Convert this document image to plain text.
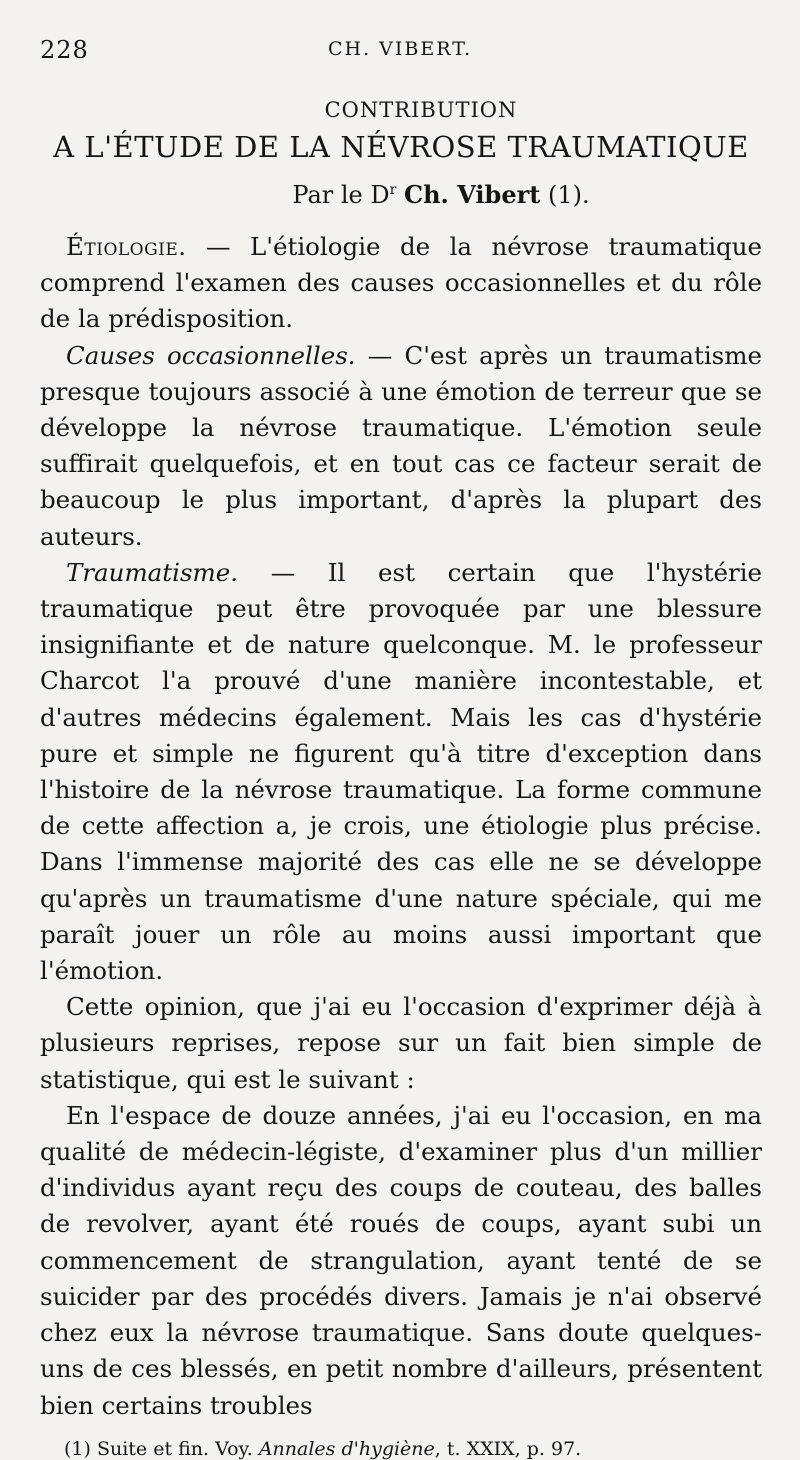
228	CH. VIBERT.
CONTRIBUTION
A L'ÉTUDE DE LA NÉVROSE TRAUMATIQUE
Par le $D^r$ Ch. Vibert (1).

Étiologie. — L'étiologie de la névrose traumatique comprend l'examen des causes occasionnelles et du rôle de la prédisposition.

Causes occasionnelles. — C'est après un traumatisme presque toujours associé à une émotion de terreur que se développe la névrose traumatique. L'émotion seule suffirait quelquefois, et en tout cas ce facteur serait de beaucoup le plus important, d'après la plupart des auteurs.

Traumatisme. — Il est certain que l'hystérie traumatique peut être provoquée par une blessure insignifiante et de nature quelconque. M. le professeur Charcot l'a prouvé d'une manière incontestable, et d'autres médecins également. Mais les cas d'hystérie pure et simple ne figurent qu'à titre d'exception dans l'histoire de la névrose traumatique. La forme commune de cette affection a, je crois, une étiologie plus précise. Dans l'immense majorité des cas elle ne se développe qu'après un traumatisme d'une nature spéciale, qui me paraît jouer un rôle au moins aussi important que l'émotion.

Cette opinion, que j'ai eu l'occasion d'exprimer déjà à plusieurs reprises, repose sur un fait bien simple de statistique, qui est le suivant :

En l'espace de douze années, j'ai eu l'occasion, en ma qualité de médecin-légiste, d'examiner plus d'un millier d'individus ayant reçu des coups de couteau, des balles de revolver, ayant été roués de coups, ayant subi un commencement de strangulation, ayant tenté de se suicider par des procédés divers. Jamais je n'ai observé chez eux la névrose traumatique. Sans doute quelques-uns de ces blessés, en petit nombre d'ailleurs, présentent bien certains troubles

(1) Suite et fin. Voy. Annales d'hygiène, t. XXIX, p. 97.
